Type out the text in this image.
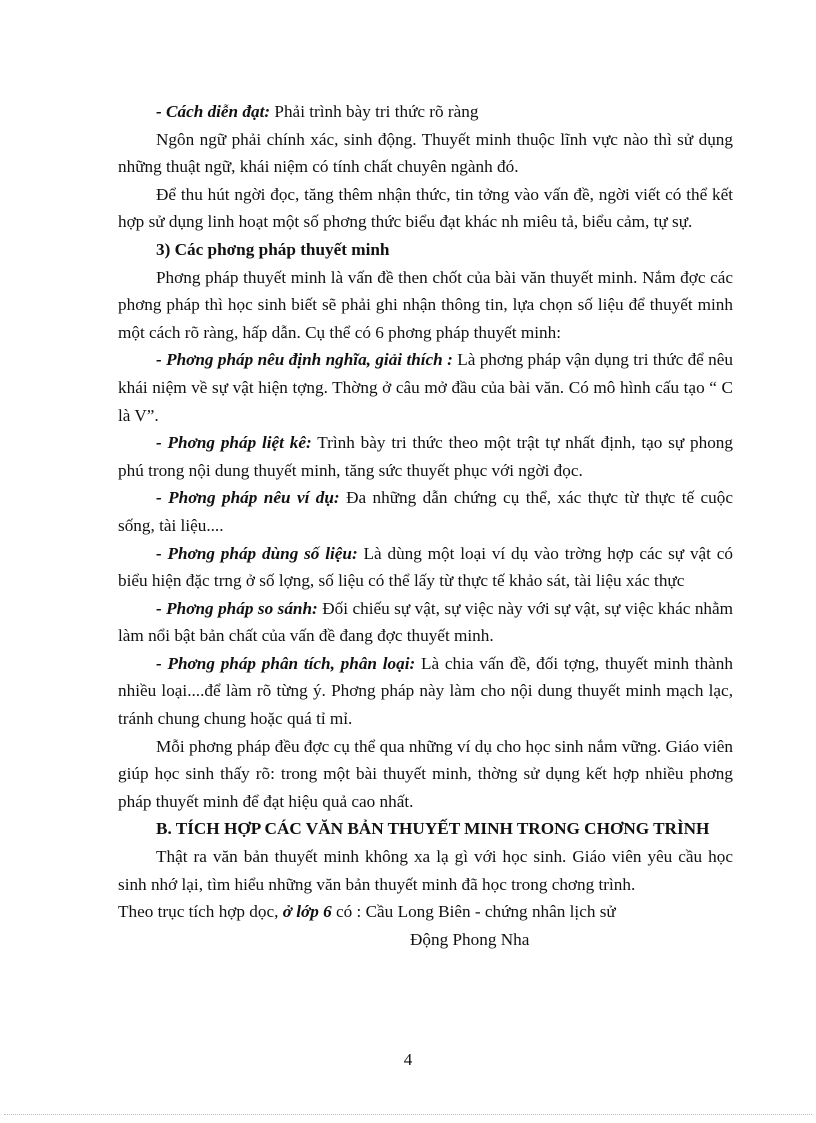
- Cách diễn đạt: Phải trình bày tri thức rõ ràng

Ngôn ngữ phải chính xác, sinh động. Thuyết minh thuộc lĩnh vực nào thì sử dụng những thuật ngữ, khái niệm có tính chất chuyên ngành đó.

Để thu hút ngời đọc, tăng thêm nhận thức, tin tởng vào vấn đề, ngời viết có thể kết hợp sử dụng linh hoạt một số phơng thức biểu đạt khác nh miêu tả, biểu cảm, tự sự.

3) Các phơng pháp thuyết minh

Phơng pháp thuyết minh là vấn đề then chốt của bài văn thuyết minh. Nắm đợc các phơng pháp thì học sinh biết sẽ phải ghi nhận thông tin, lựa chọn số liệu để thuyết minh một cách rõ ràng, hấp dẫn. Cụ thể có 6 phơng pháp thuyết minh:

- Phơng pháp nêu định nghĩa, giải thích : Là phơng pháp vận dụng tri thức để nêu khái niệm về sự vật hiện tợng. Thờng ở câu mở đầu của bài văn. Có mô hình cấu tạo “ C là V”.

- Phơng pháp liệt kê: Trình bày tri thức theo một trật tự nhất định, tạo sự phong phú trong nội dung thuyết minh, tăng sức thuyết phục với ngời đọc.

- Phơng pháp nêu ví dụ: Đa những dẫn chứng cụ thể, xác thực từ thực tế cuộc sống, tài liệu....

- Phơng pháp dùng số liệu: Là dùng một loại ví dụ vào trờng hợp các sự vật có biểu hiện đặc trng ở số lợng, số liệu có thể lấy từ thực tế khảo sát, tài liệu xác thực

- Phơng pháp so sánh: Đối chiếu sự vật, sự việc này với sự vật, sự việc khác nhằm làm nổi bật bản chất của vấn đề đang đợc thuyết minh.

- Phơng pháp phân tích, phân loại: Là chia vấn đề, đối tợng, thuyết minh thành nhiều loại....để làm rõ từng ý. Phơng pháp này làm cho nội dung thuyết minh mạch lạc, tránh chung chung hoặc quá tỉ mỉ.

Mỗi phơng pháp đều đợc cụ thể qua những ví dụ cho học sinh nắm vững. Giáo viên giúp học sinh thấy rõ: trong một bài thuyết minh, thờng sử dụng kết hợp nhiều phơng pháp thuyết minh để đạt hiệu quả cao nhất.

B. TÍCH HỢP CÁC VĂN BẢN THUYẾT MINH TRONG CHƠNG TRÌNH

Thật ra văn bản thuyết minh không xa lạ gì với học sinh. Giáo viên yêu cầu học sinh nhớ lại, tìm hiểu những văn bản thuyết minh đã học trong chơng trình.

Theo trục tích hợp dọc, ở lớp 6 có : Cầu Long Biên - chứng nhân lịch sử

Động Phong Nha

4
